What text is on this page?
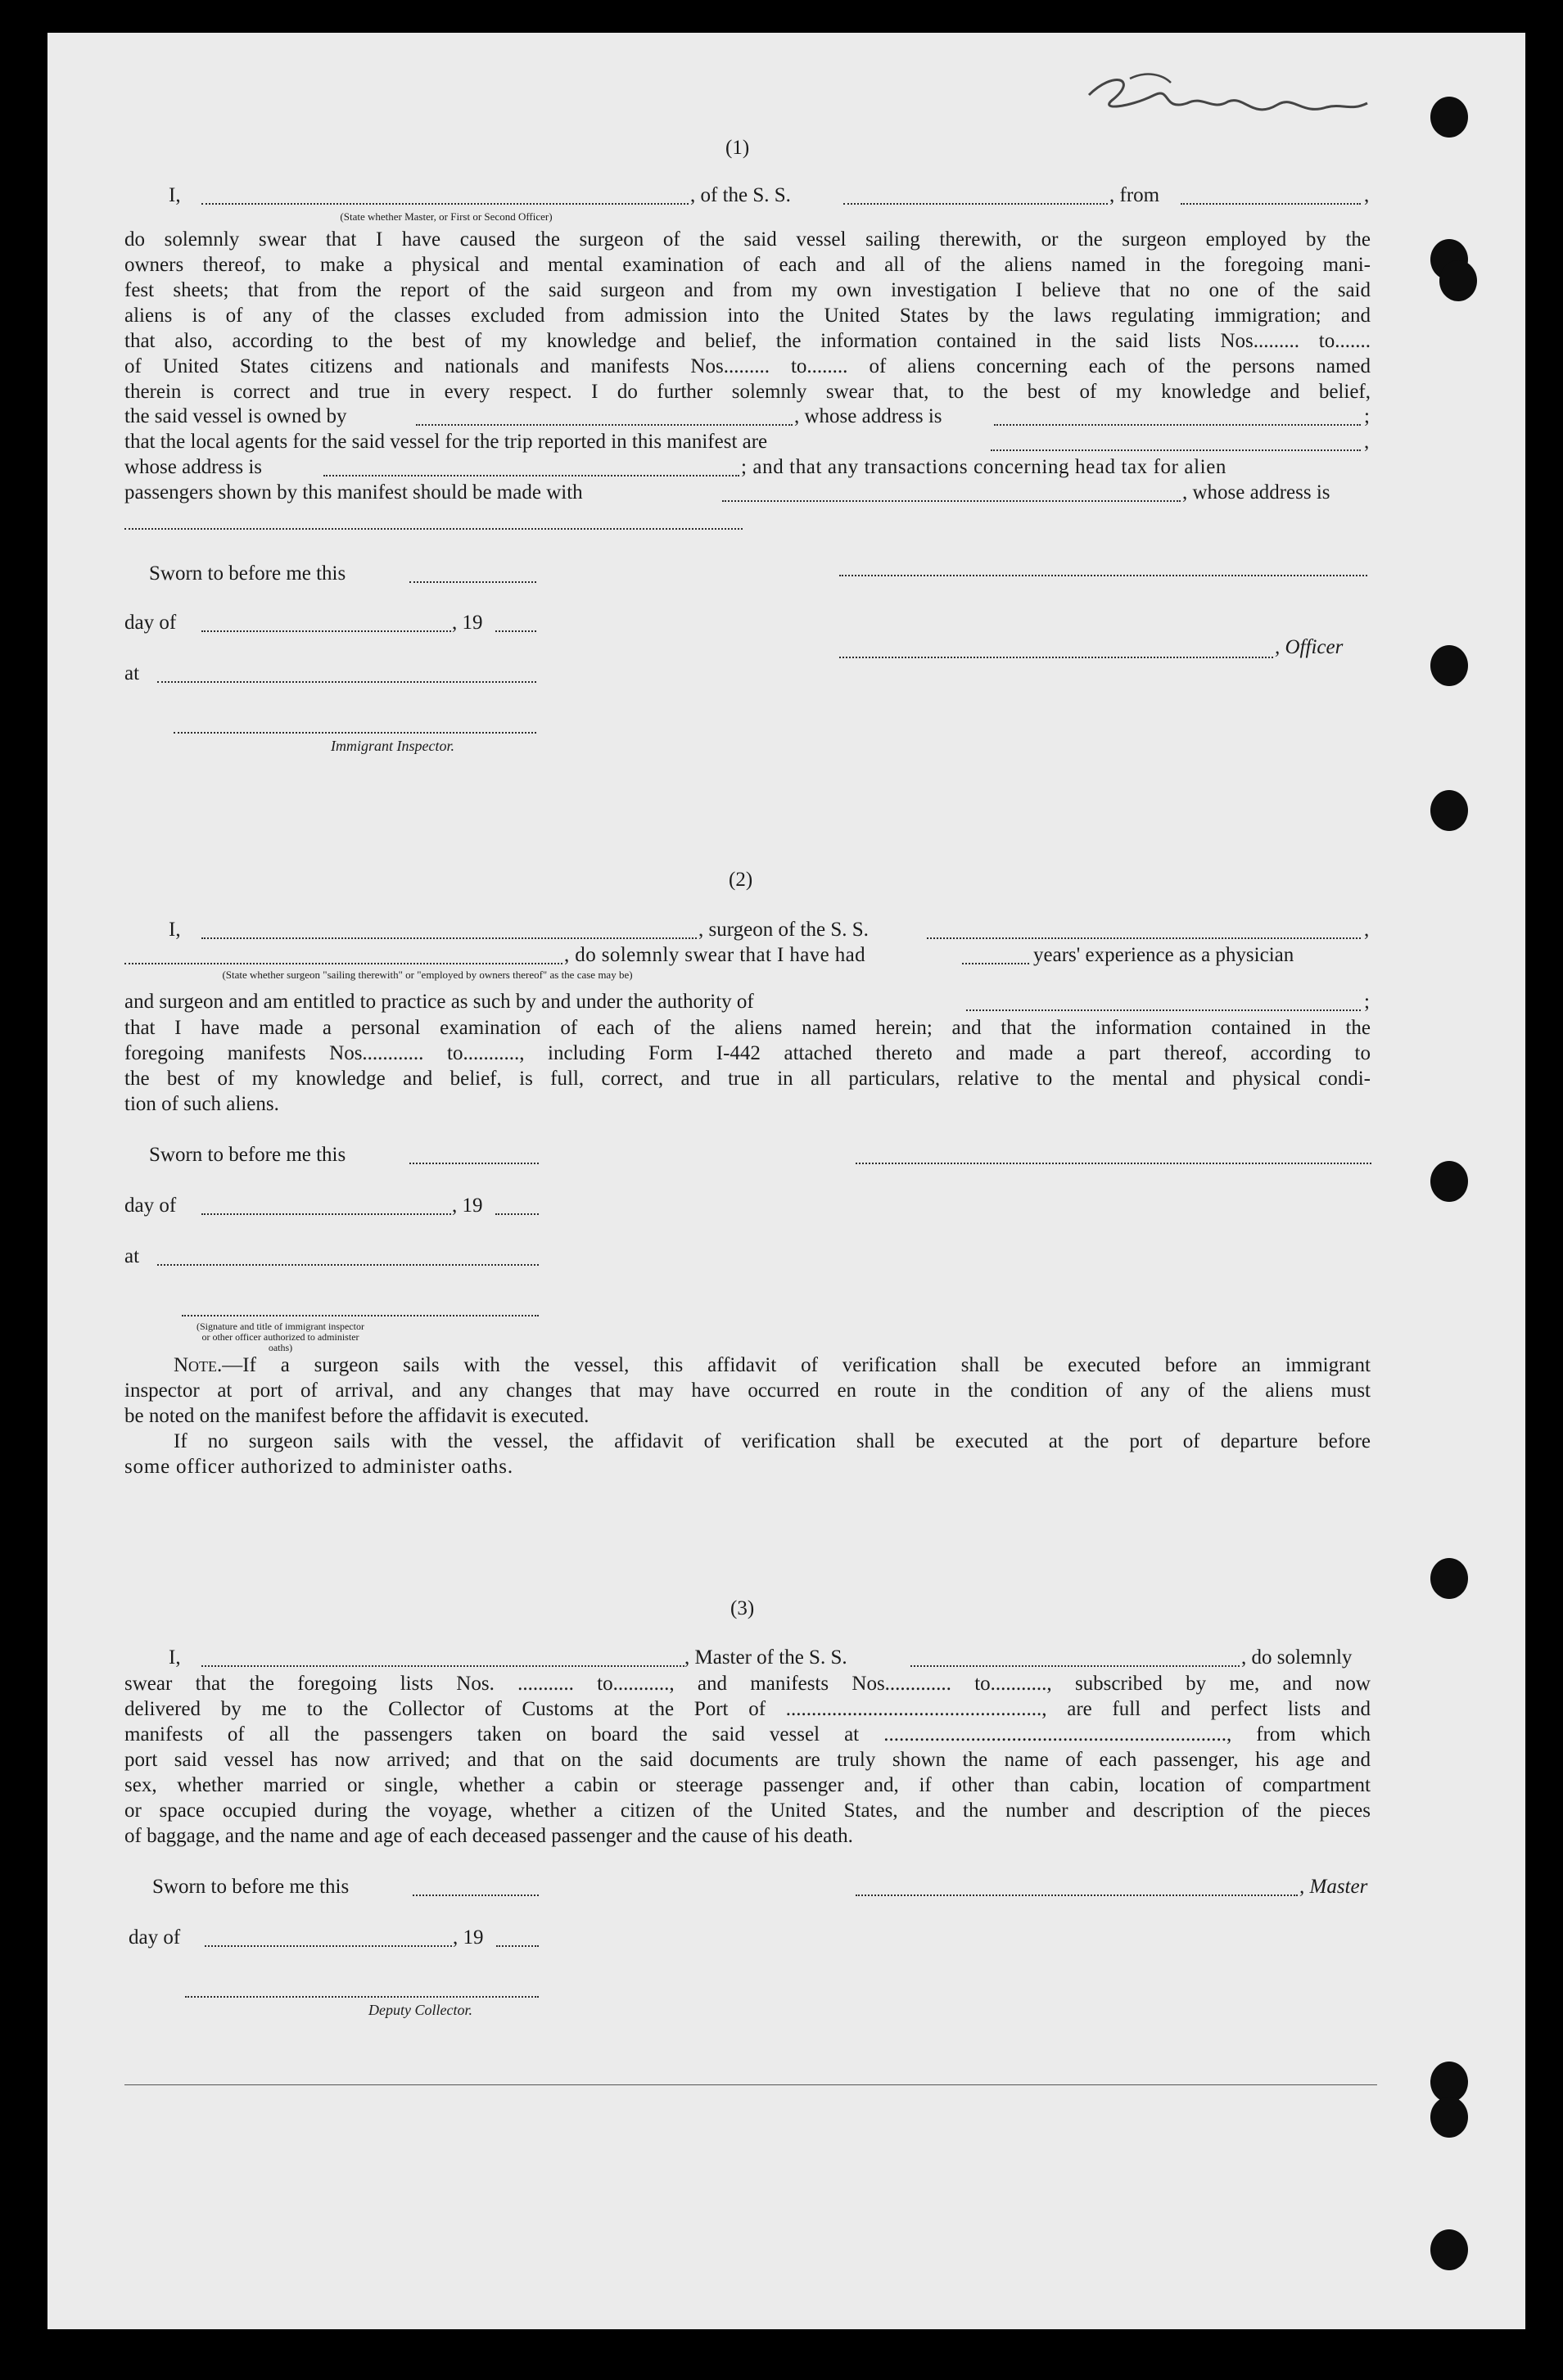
(1)
I,	, of the S. S.	, from	,
(State whether Master, or First or Second Officer)
do solemnly swear that I have caused the surgeon of the said vessel sailing therewith, or the surgeon employed by the
owners thereof, to make a physical and mental examination of each and all of the aliens named in the foregoing mani-
fest sheets; that from the report of the said surgeon and from my own investigation I believe that no one of the said
aliens is of any of the classes excluded from admission into the United States by the laws regulating immigration; and
that also, according to the best of my knowledge and belief, the information contained in the said lists Nos......... to.......
of United States citizens and nationals and manifests Nos......... to........ of aliens concerning each of the persons named
therein is correct and true in every respect. I do further solemnly swear that, to the best of my knowledge and belief,
the said vessel is owned by	, whose address is	;
that the local agents for the said vessel for the trip reported in this manifest are	,
whose address is	; and that any transactions concerning head tax for alien
passengers shown by this manifest should be made with	, whose address is
Sworn to before me this
day of	, 19
, Officer
at
Immigrant Inspector.
(2)
I,	, surgeon of the S. S.	,
, do solemnly swear that I have had	years' experience as a physician
(State whether surgeon "sailing therewith" or "employed by owners thereof" as the case may be)
and surgeon and am entitled to practice as such by and under the authority of	;
that I have made a personal examination of each of the aliens named herein; and that the information contained in the
foregoing manifests Nos............ to..........., including Form I-442 attached thereto and made a part thereof, according to
the best of my knowledge and belief, is full, correct, and true in all particulars, relative to the mental and physical condi-
tion of such aliens.
Sworn to before me this
day of	, 19
at
(Signature and title of immigrant inspector or other officer authorized to administer oaths)
Note.—If a surgeon sails with the vessel, this affidavit of verification shall be executed before an immigrant
inspector at port of arrival, and any changes that may have occurred en route in the condition of any of the aliens must
be noted on the manifest before the affidavit is executed.
If no surgeon sails with the vessel, the affidavit of verification shall be executed at the port of departure before
some officer authorized to administer oaths.
(3)
I,	, Master of the S. S.	, do solemnly
swear that the foregoing lists Nos. ........... to..........., and manifests Nos............. to..........., subscribed by me, and now
delivered by me to the Collector of Customs at the Port of .................................................., are full and perfect lists and
manifests of all the passengers taken on board the said vessel at ..................................................................., from which
port said vessel has now arrived; and that on the said documents are truly shown the name of each passenger, his age and
sex, whether married or single, whether a cabin or steerage passenger and, if other than cabin, location of compartment
or space occupied during the voyage, whether a citizen of the United States, and the number and description of the pieces
of baggage, and the name and age of each deceased passenger and the cause of his death.
Sworn to before me this	, Master
day of	, 19
Deputy Collector.
